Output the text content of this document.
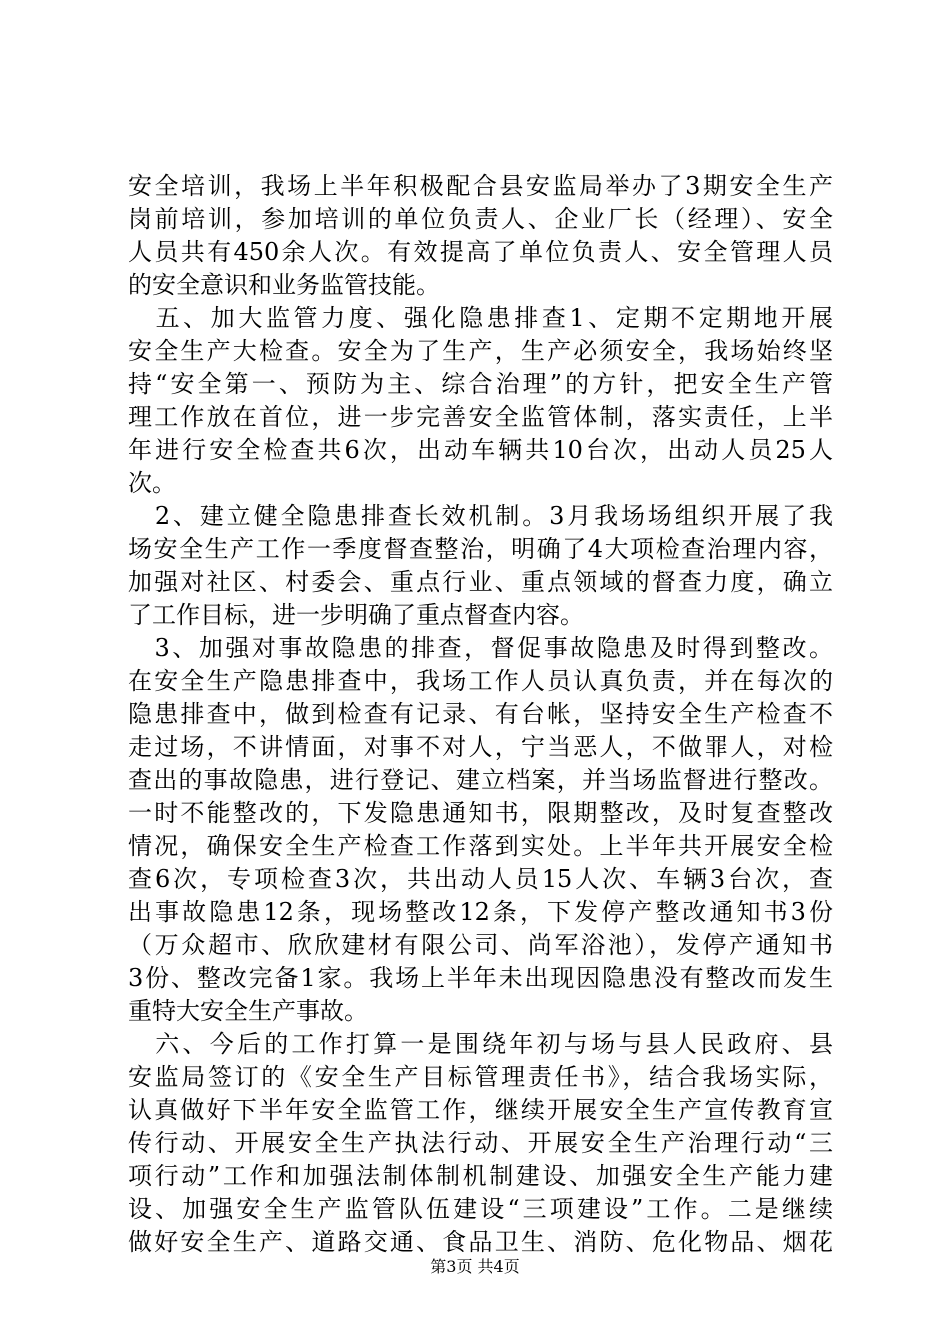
安全培训，我场上半年积极配合县安监局举办了3期安全生产
岗前培训，参加培训的单位负责人、企业厂长（经理）、安全
人员共有450余人次。有效提高了单位负责人、安全管理人员
的安全意识和业务监管技能。
　五、加大监管力度、强化隐患排查1、定期不定期地开展
安全生产大检查。安全为了生产，生产必须安全，我场始终坚
持“安全第一、预防为主、综合治理”的方针，把安全生产管
理工作放在首位，进一步完善安全监管体制，落实责任，上半
年进行安全检查共6次，出动车辆共10台次，出动人员25人
次。
　2、建立健全隐患排查长效机制。3月我场场组织开展了我
场安全生产工作一季度督查整治，明确了4大项检查治理内容，
加强对社区、村委会、重点行业、重点领域的督查力度，确立
了工作目标，进一步明确了重点督查内容。
　3、加强对事故隐患的排查，督促事故隐患及时得到整改。
在安全生产隐患排查中，我场工作人员认真负责，并在每次的
隐患排查中，做到检查有记录、有台帐，坚持安全生产检查不
走过场，不讲情面，对事不对人，宁当恶人，不做罪人，对检
查出的事故隐患，进行登记、建立档案，并当场监督进行整改。
一时不能整改的，下发隐患通知书，限期整改，及时复查整改
情况，确保安全生产检查工作落到实处。上半年共开展安全检
查6次，专项检查3次，共出动人员15人次、车辆3台次，查
出事故隐患12条，现场整改12条，下发停产整改通知书3份
（万众超市、欣欣建材有限公司、尚军浴池），发停产通知书
3份、整改完备1家。我场上半年未出现因隐患没有整改而发生
重特大安全生产事故。
　六、今后的工作打算一是围绕年初与场与县人民政府、县
安监局签订的《安全生产目标管理责任书》，结合我场实际，
认真做好下半年安全监管工作，继续开展安全生产宣传教育宣
传行动、开展安全生产执法行动、开展安全生产治理行动“三
项行动”工作和加强法制体制机制建设、加强安全生产能力建
设、加强安全生产监管队伍建设“三项建设”工作。二是继续
做好安全生产、道路交通、食品卫生、消防、危化物品、烟花
第3页 共4页
